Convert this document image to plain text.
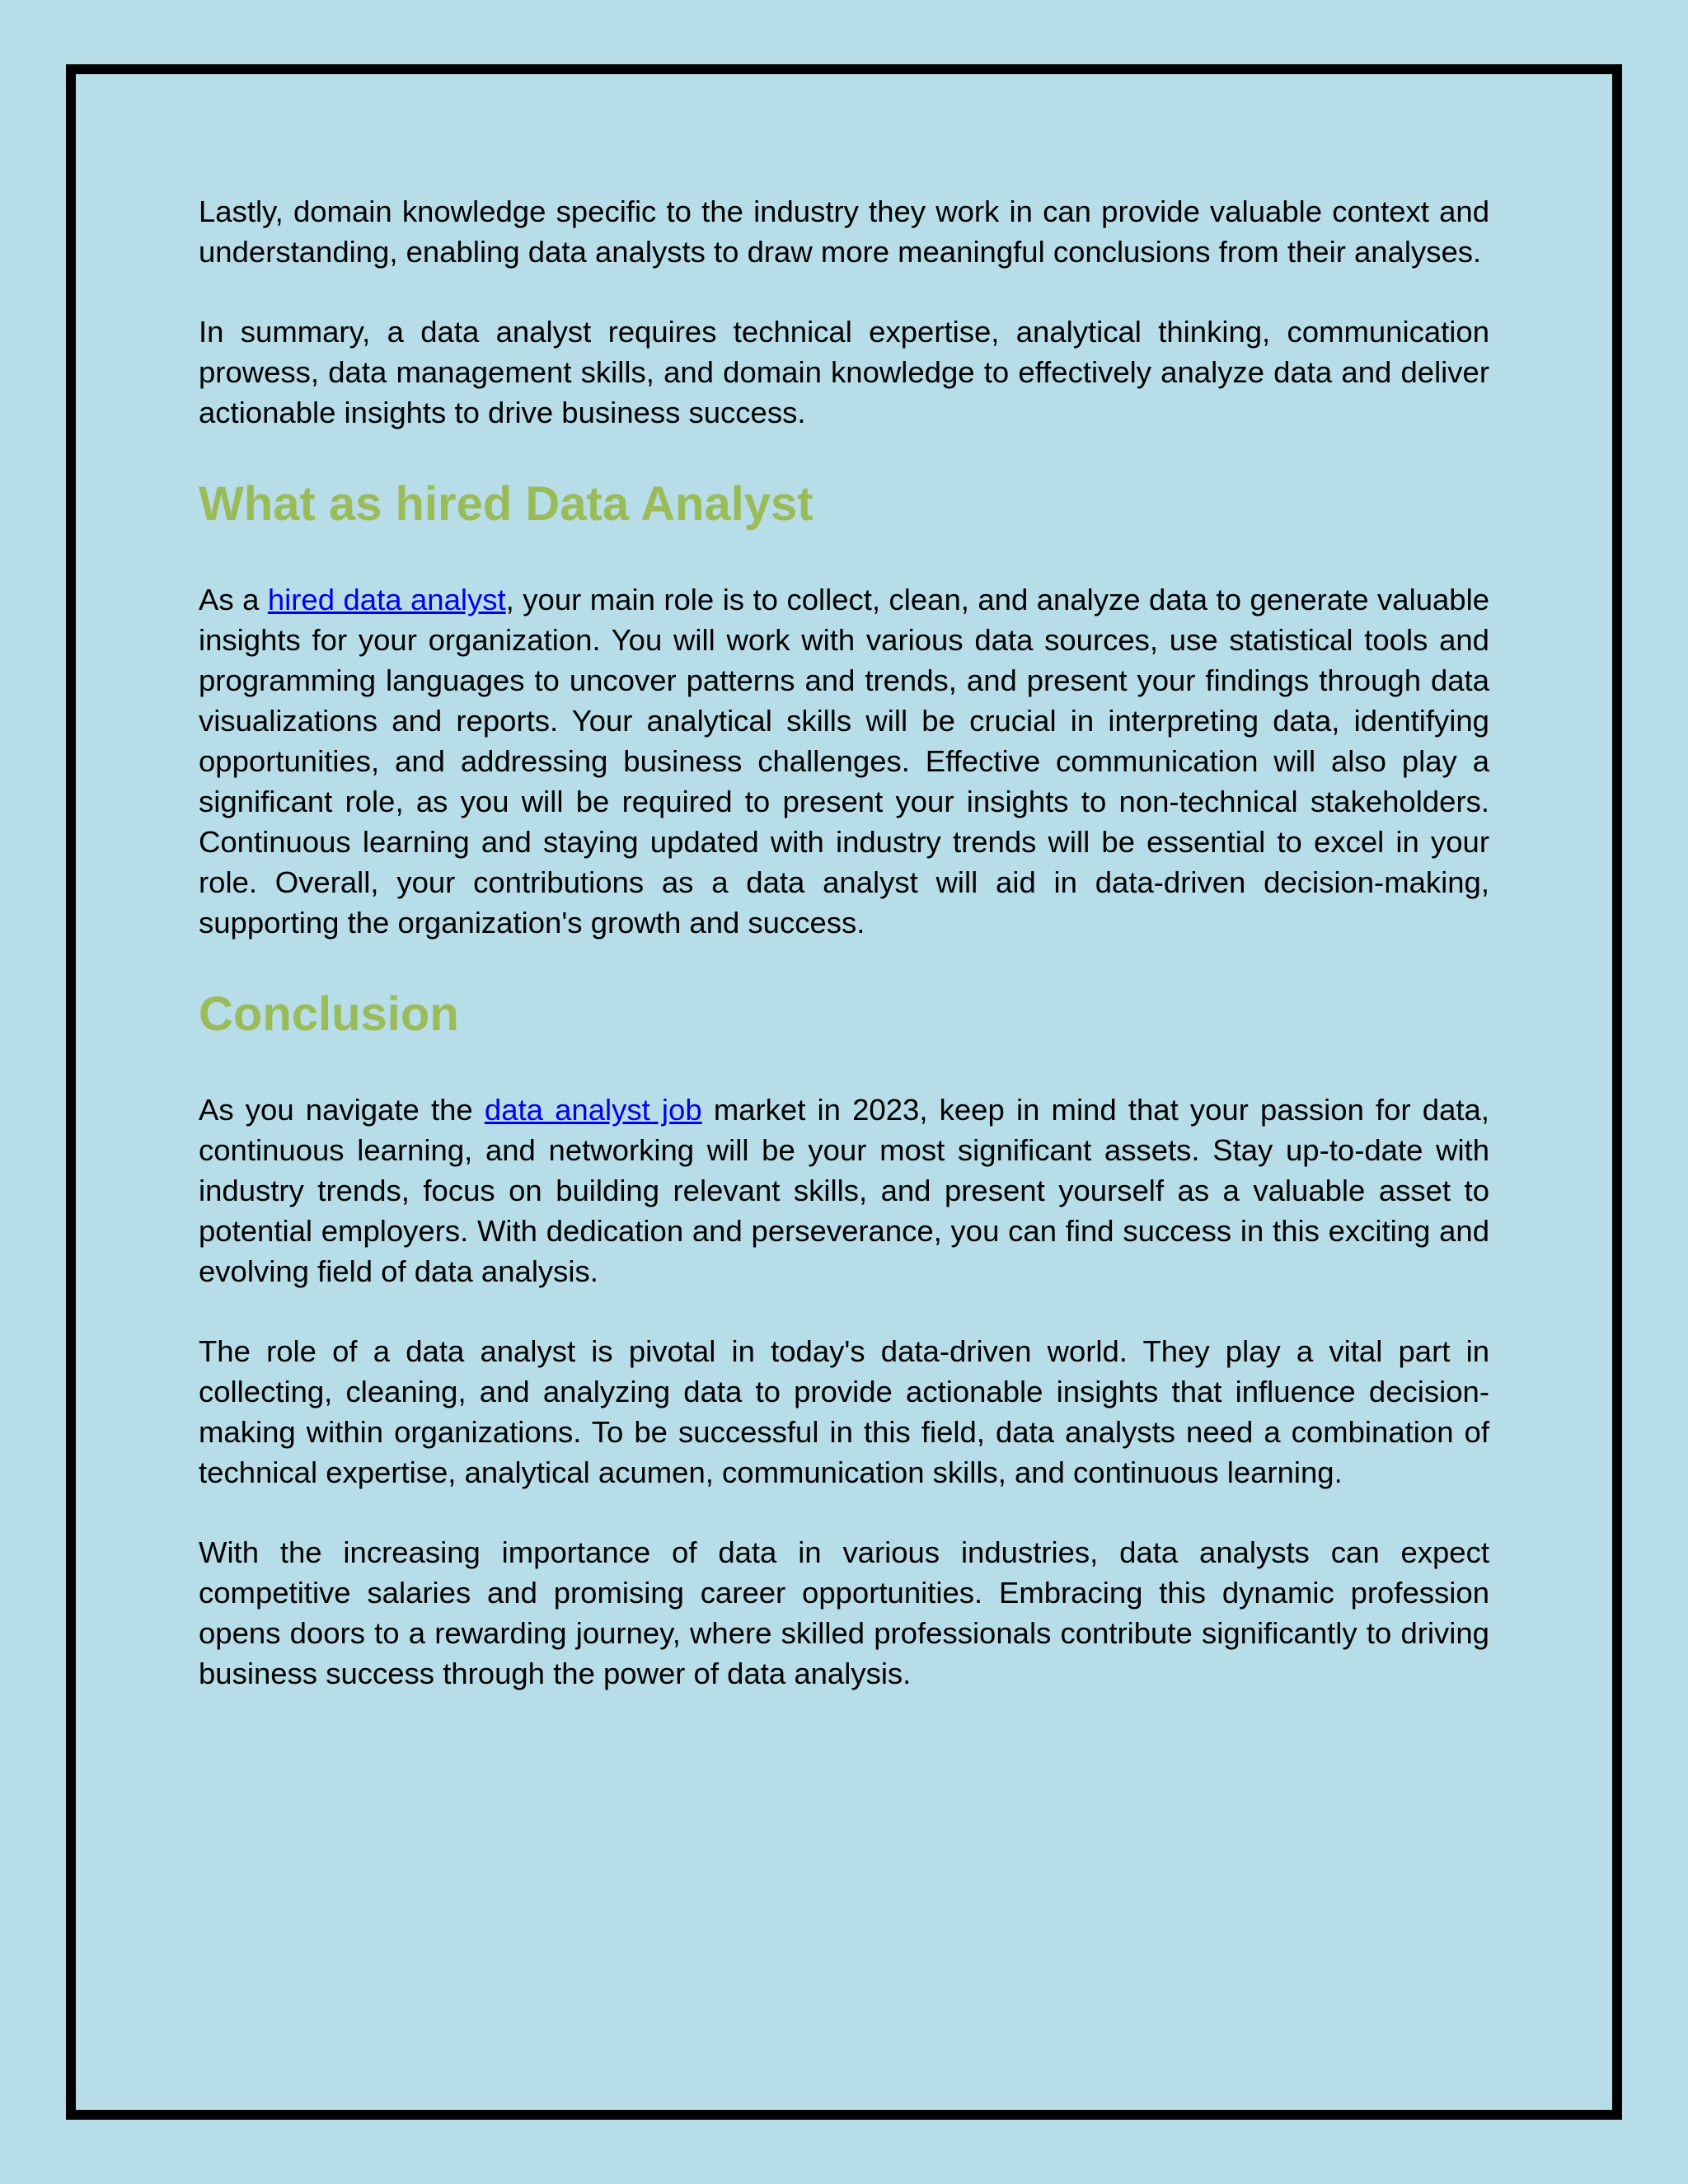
Lastly, domain knowledge specific to the industry they work in can provide valuable context and understanding, enabling data analysts to draw more meaningful conclusions from their analyses.

In summary, a data analyst requires technical expertise, analytical thinking, communication prowess, data management skills, and domain knowledge to effectively analyze data and deliver actionable insights to drive business success.

What as hired Data Analyst

As a hired data analyst, your main role is to collect, clean, and analyze data to generate valuable insights for your organization. You will work with various data sources, use statistical tools and programming languages to uncover patterns and trends, and present your findings through data visualizations and reports. Your analytical skills will be crucial in interpreting data, identifying opportunities, and addressing business challenges. Effective communication will also play a significant role, as you will be required to present your insights to non-technical stakeholders. Continuous learning and staying updated with industry trends will be essential to excel in your role. Overall, your contributions as a data analyst will aid in data-driven decision-making, supporting the organization's growth and success.

Conclusion

As you navigate the data analyst job market in 2023, keep in mind that your passion for data, continuous learning, and networking will be your most significant assets. Stay up-to-date with industry trends, focus on building relevant skills, and present yourself as a valuable asset to potential employers. With dedication and perseverance, you can find success in this exciting and evolving field of data analysis.

The role of a data analyst is pivotal in today's data-driven world. They play a vital part in collecting, cleaning, and analyzing data to provide actionable insights that influence decision-making within organizations. To be successful in this field, data analysts need a combination of technical expertise, analytical acumen, communication skills, and continuous learning.

With the increasing importance of data in various industries, data analysts can expect competitive salaries and promising career opportunities. Embracing this dynamic profession opens doors to a rewarding journey, where skilled professionals contribute significantly to driving business success through the power of data analysis.
